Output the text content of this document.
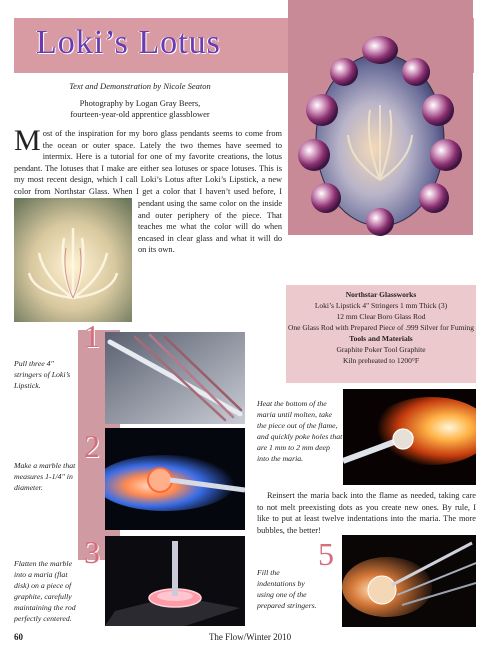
Loki’s Lotus
Text and Demonstration by Nicole Seaton
Photography by Logan Gray Beers,
fourteen-year-old apprentice glassblower
Most of the inspiration for my boro glass pendants seems to come from the ocean or outer space. Lately the two themes have seemed to intermix. Here is a tutorial for one of my favorite creations, the lotus pendant. The lotuses that I make are either sea lotuses or space lotuses. This is my most recent design, which I call Loki’s Lotus after Loki’s Lipstick, a new color from Northstar Glass. When I get a color that I haven’t used before, I
pendant using the same color on the inside and outer periphery of the piece. That teaches me what the color will do when encased in clear glass and what it will do on its own.
Northstar Glassworks
Loki’s Lipstick 4" Stringers 1 mm Thick (3)
12 mm Clear Boro Glass Rod
One Glass Rod with Prepared Piece of .999 Silver for Fuming
Tools and Materials
Graphite Poker Tool Graphite
Kiln preheated to 1200°F
1
Pull three 4" stringers of Loki’s Lipstick.
2
Make a marble that measures 1-1/4" in diameter.
3
Flatten the marble into a maria (flat disk) on a piece of graphite, carefully maintaining the rod perfectly centered.
Heat the bottom of the maria until molten, take the piece out of the flame, and quickly poke holes that are 1 mm to 2 mm deep into the maria.
Reinsert the maria back into the flame as needed, taking care to not melt preexisting dots as you create new ones. By rule, I like to put at least twelve indentations into the maria. The more bubbles, the better!
5
Fill the indentations by using one of the prepared stringers.
60	The Flow/Winter 2010
